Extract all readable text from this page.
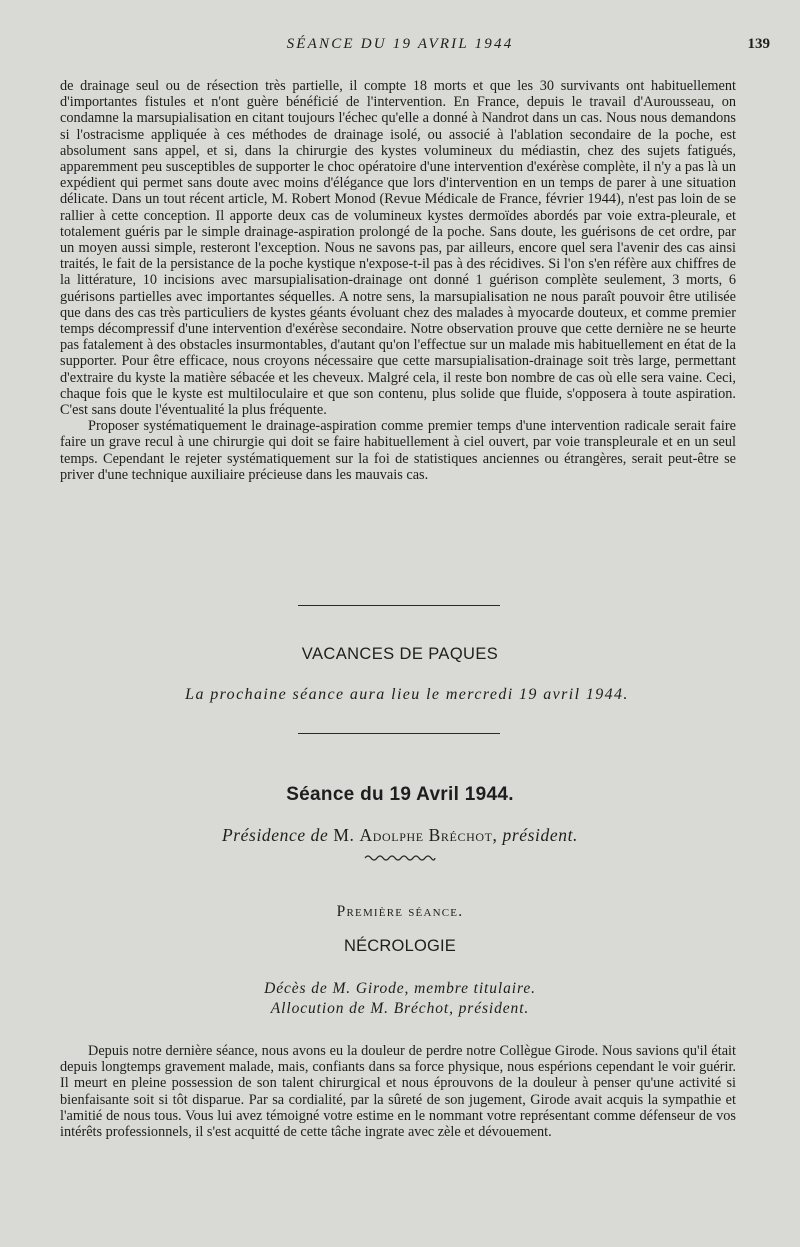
SÉANCE DU 19 AVRIL 1944	139

de drainage seul ou de résection très partielle, il compte 18 morts et que les 30 survivants ont habituellement d'importantes fistules et n'ont guère bénéficié de l'intervention. En France, depuis le travail d'Aurousseau, on condamne la marsupialisation en citant toujours l'échec qu'elle a donné à Nandrot dans un cas. Nous nous demandons si l'ostracisme appliquée à ces méthodes de drainage isolé, ou associé à l'ablation secondaire de la poche, est absolument sans appel, et si, dans la chirurgie des kystes volumineux du médiastin, chez des sujets fatigués, apparemment peu susceptibles de supporter le choc opératoire d'une intervention d'exérèse complète, il n'y a pas là un expédient qui permet sans doute avec moins d'élégance que lors d'intervention en un temps de parer à une situation délicate. Dans un tout récent article, M. Robert Monod (Revue Médicale de France, février 1944), n'est pas loin de se rallier à cette conception. Il apporte deux cas de volumineux kystes dermoïdes abordés par voie extra-pleurale, et totalement guéris par le simple drainage-aspiration prolongé de la poche. Sans doute, les guérisons de cet ordre, par un moyen aussi simple, resteront l'exception. Nous ne savons pas, par ailleurs, encore quel sera l'avenir des cas ainsi traités, le fait de la persistance de la poche kystique n'expose-t-il pas à des récidives. Si l'on s'en réfère aux chiffres de la littérature, 10 incisions avec marsupialisation-drainage ont donné 1 guérison complète seulement, 3 morts, 6 guérisons partielles avec importantes séquelles. A notre sens, la marsupialisation ne nous paraît pouvoir être utilisée que dans des cas très particuliers de kystes géants évoluant chez des malades à myocarde douteux, et comme premier temps décompressif d'une intervention d'exérèse secondaire. Notre observation prouve que cette dernière ne se heurte pas fatalement à des obstacles insurmontables, d'autant qu'on l'effectue sur un malade mis habituellement en état de la supporter. Pour être efficace, nous croyons nécessaire que cette marsupialisation-drainage soit très large, permettant d'extraire du kyste la matière sébacée et les cheveux. Malgré cela, il reste bon nombre de cas où elle sera vaine. Ceci, chaque fois que le kyste est multiloculaire et que son contenu, plus solide que fluide, s'opposera à toute aspiration. C'est sans doute l'éventualité la plus fréquente.

Proposer systématiquement le drainage-aspiration comme premier temps d'une intervention radicale serait faire faire un grave recul à une chirurgie qui doit se faire habituellement à ciel ouvert, par voie transpleurale et en un seul temps. Cependant le rejeter systématiquement sur la foi de statistiques anciennes ou étrangères, serait peut-être se priver d'une technique auxiliaire précieuse dans les mauvais cas.

VACANCES DE PAQUES
La prochaine séance aura lieu le mercredi 19 avril 1944.
Séance du 19 Avril 1944.
Présidence de M. Adolphe Bréchot, président.
Première séance.
NÉCROLOGIE
Décès de M. Girode, membre titulaire.
Allocution de M. Bréchot, président.

Depuis notre dernière séance, nous avons eu la douleur de perdre notre Collègue Girode. Nous savions qu'il était depuis longtemps gravement malade, mais, confiants dans sa force physique, nous espérions cependant le voir guérir. Il meurt en pleine possession de son talent chirurgical et nous éprouvons de la douleur à penser qu'une activité si bienfaisante soit si tôt disparue. Par sa cordialité, par la sûreté de son jugement, Girode avait acquis la sympathie et l'amitié de nous tous. Vous lui avez témoigné votre estime en le nommant votre représentant comme défenseur de vos intérêts professionnels, il s'est acquitté de cette tâche ingrate avec zèle et dévouement.
